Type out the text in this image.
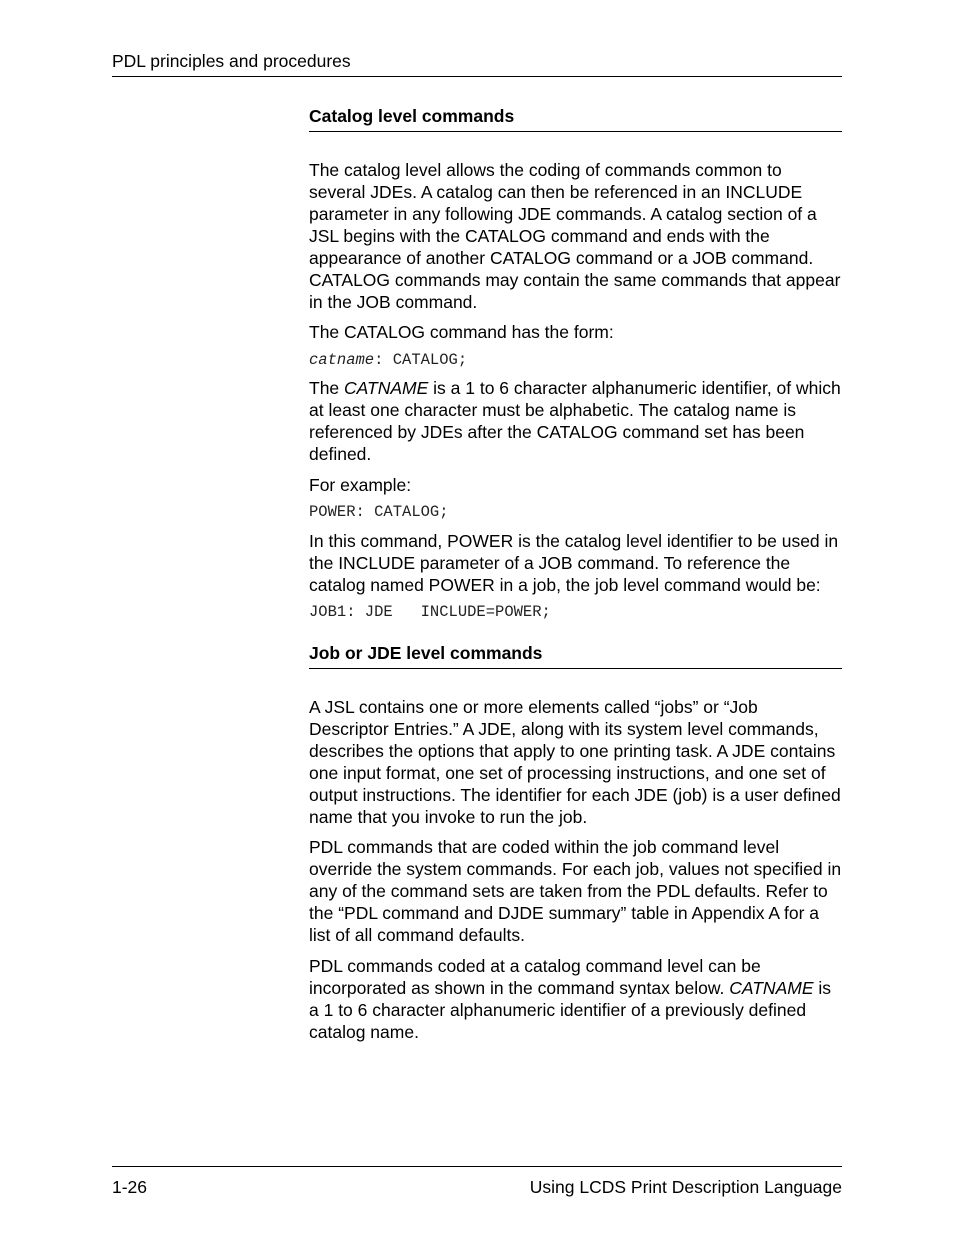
PDL principles and procedures
Catalog level commands

The catalog level allows the coding of commands common to several JDEs. A catalog can then be referenced in an INCLUDE parameter in any following JDE commands. A catalog section of a JSL begins with the CATALOG command and ends with the appearance of another CATALOG command or a JOB command. CATALOG commands may contain the same commands that appear in the JOB command.

The CATALOG command has the form:

catname: CATALOG;

The CATNAME is a 1 to 6 character alphanumeric identifier, of which at least one character must be alphabetic. The catalog name is referenced by JDEs after the CATALOG command set has been defined.

For example:

POWER: CATALOG;

In this command, POWER is the catalog level identifier to be used in the INCLUDE parameter of a JOB command. To reference the catalog named POWER in a job, the job level command would be:

JOB1: JDE   INCLUDE=POWER;
Job or JDE level commands

A JSL contains one or more elements called “jobs” or “Job Descriptor Entries.” A JDE, along with its system level commands, describes the options that apply to one printing task. A JDE contains one input format, one set of processing instructions, and one set of output instructions. The identifier for each JDE (job) is a user defined name that you invoke to run the job.

PDL commands that are coded within the job command level override the system commands. For each job, values not specified in any of the command sets are taken from the PDL defaults. Refer to the “PDL command and DJDE summary” table in Appendix A for a list of all command defaults.

PDL commands coded at a catalog command level can be incorporated as shown in the command syntax below. CATNAME is a 1 to 6 character alphanumeric identifier of a previously defined catalog name.

1-26	Using LCDS Print Description Language
